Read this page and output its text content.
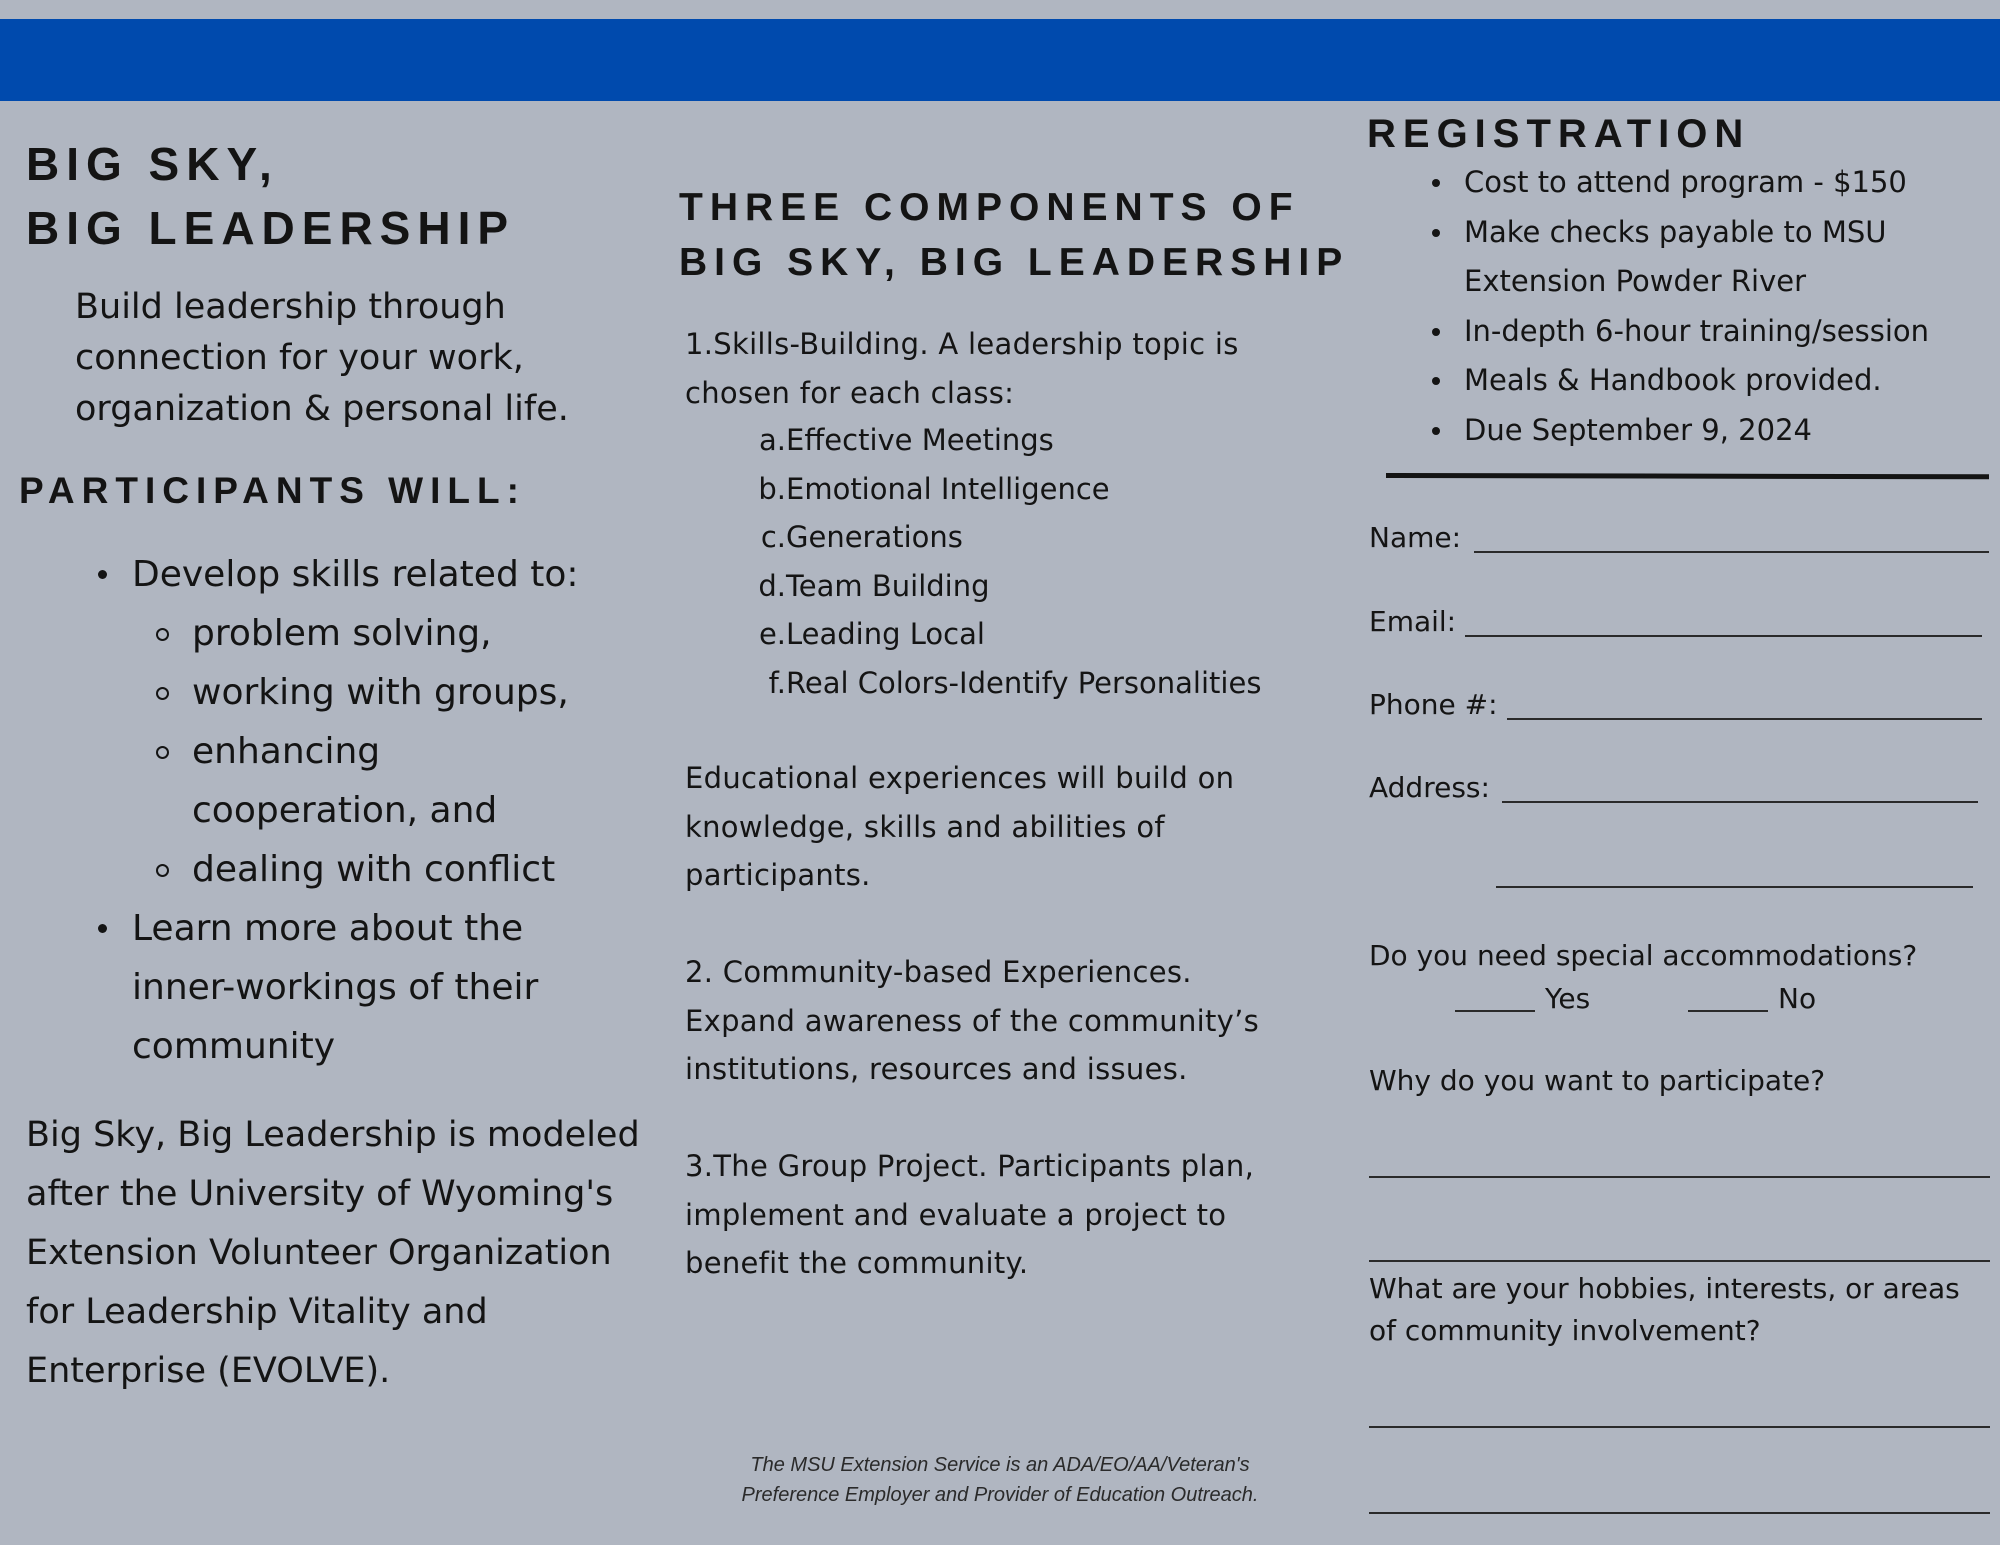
BIG SKY,
BIG LEADERSHIP
Build leadership through connection for your work, organization & personal life.
PARTICIPANTS WILL:
Develop skills related to:
problem solving,
working with groups,
enhancing cooperation, and
dealing with conflict
Learn more about the inner-workings of their community
Big Sky, Big Leadership is modeled after the University of Wyoming's Extension Volunteer Organization for Leadership Vitality and Enterprise (EVOLVE).
THREE COMPONENTS OF
BIG SKY, BIG LEADERSHIP
1.Skills-Building. A leadership topic is chosen for each class:
a. Effective Meetings
b. Emotional Intelligence
c. Generations
d. Team Building
e. Leading Local
f. Real Colors-Identify Personalities
Educational experiences will build on knowledge, skills and abilities of participants.
2. Community-based Experiences. Expand awareness of the community’s institutions, resources and issues.
3.The Group Project. Participants plan, implement and evaluate a project to benefit the community.
The MSU Extension Service is an ADA/EO/AA/Veteran's
Preference Employer and Provider of Education Outreach.
REGISTRATION
Cost to attend program - $150
Make checks payable to MSU Extension Powder River
In-depth 6-hour training/session
Meals & Handbook provided.
Due September 9, 2024
Name:
Email:
Phone #:
Address:
Do you need special accommodations?
Yes	No
Why do you want to participate?
What are your hobbies, interests, or areas of community involvement?
